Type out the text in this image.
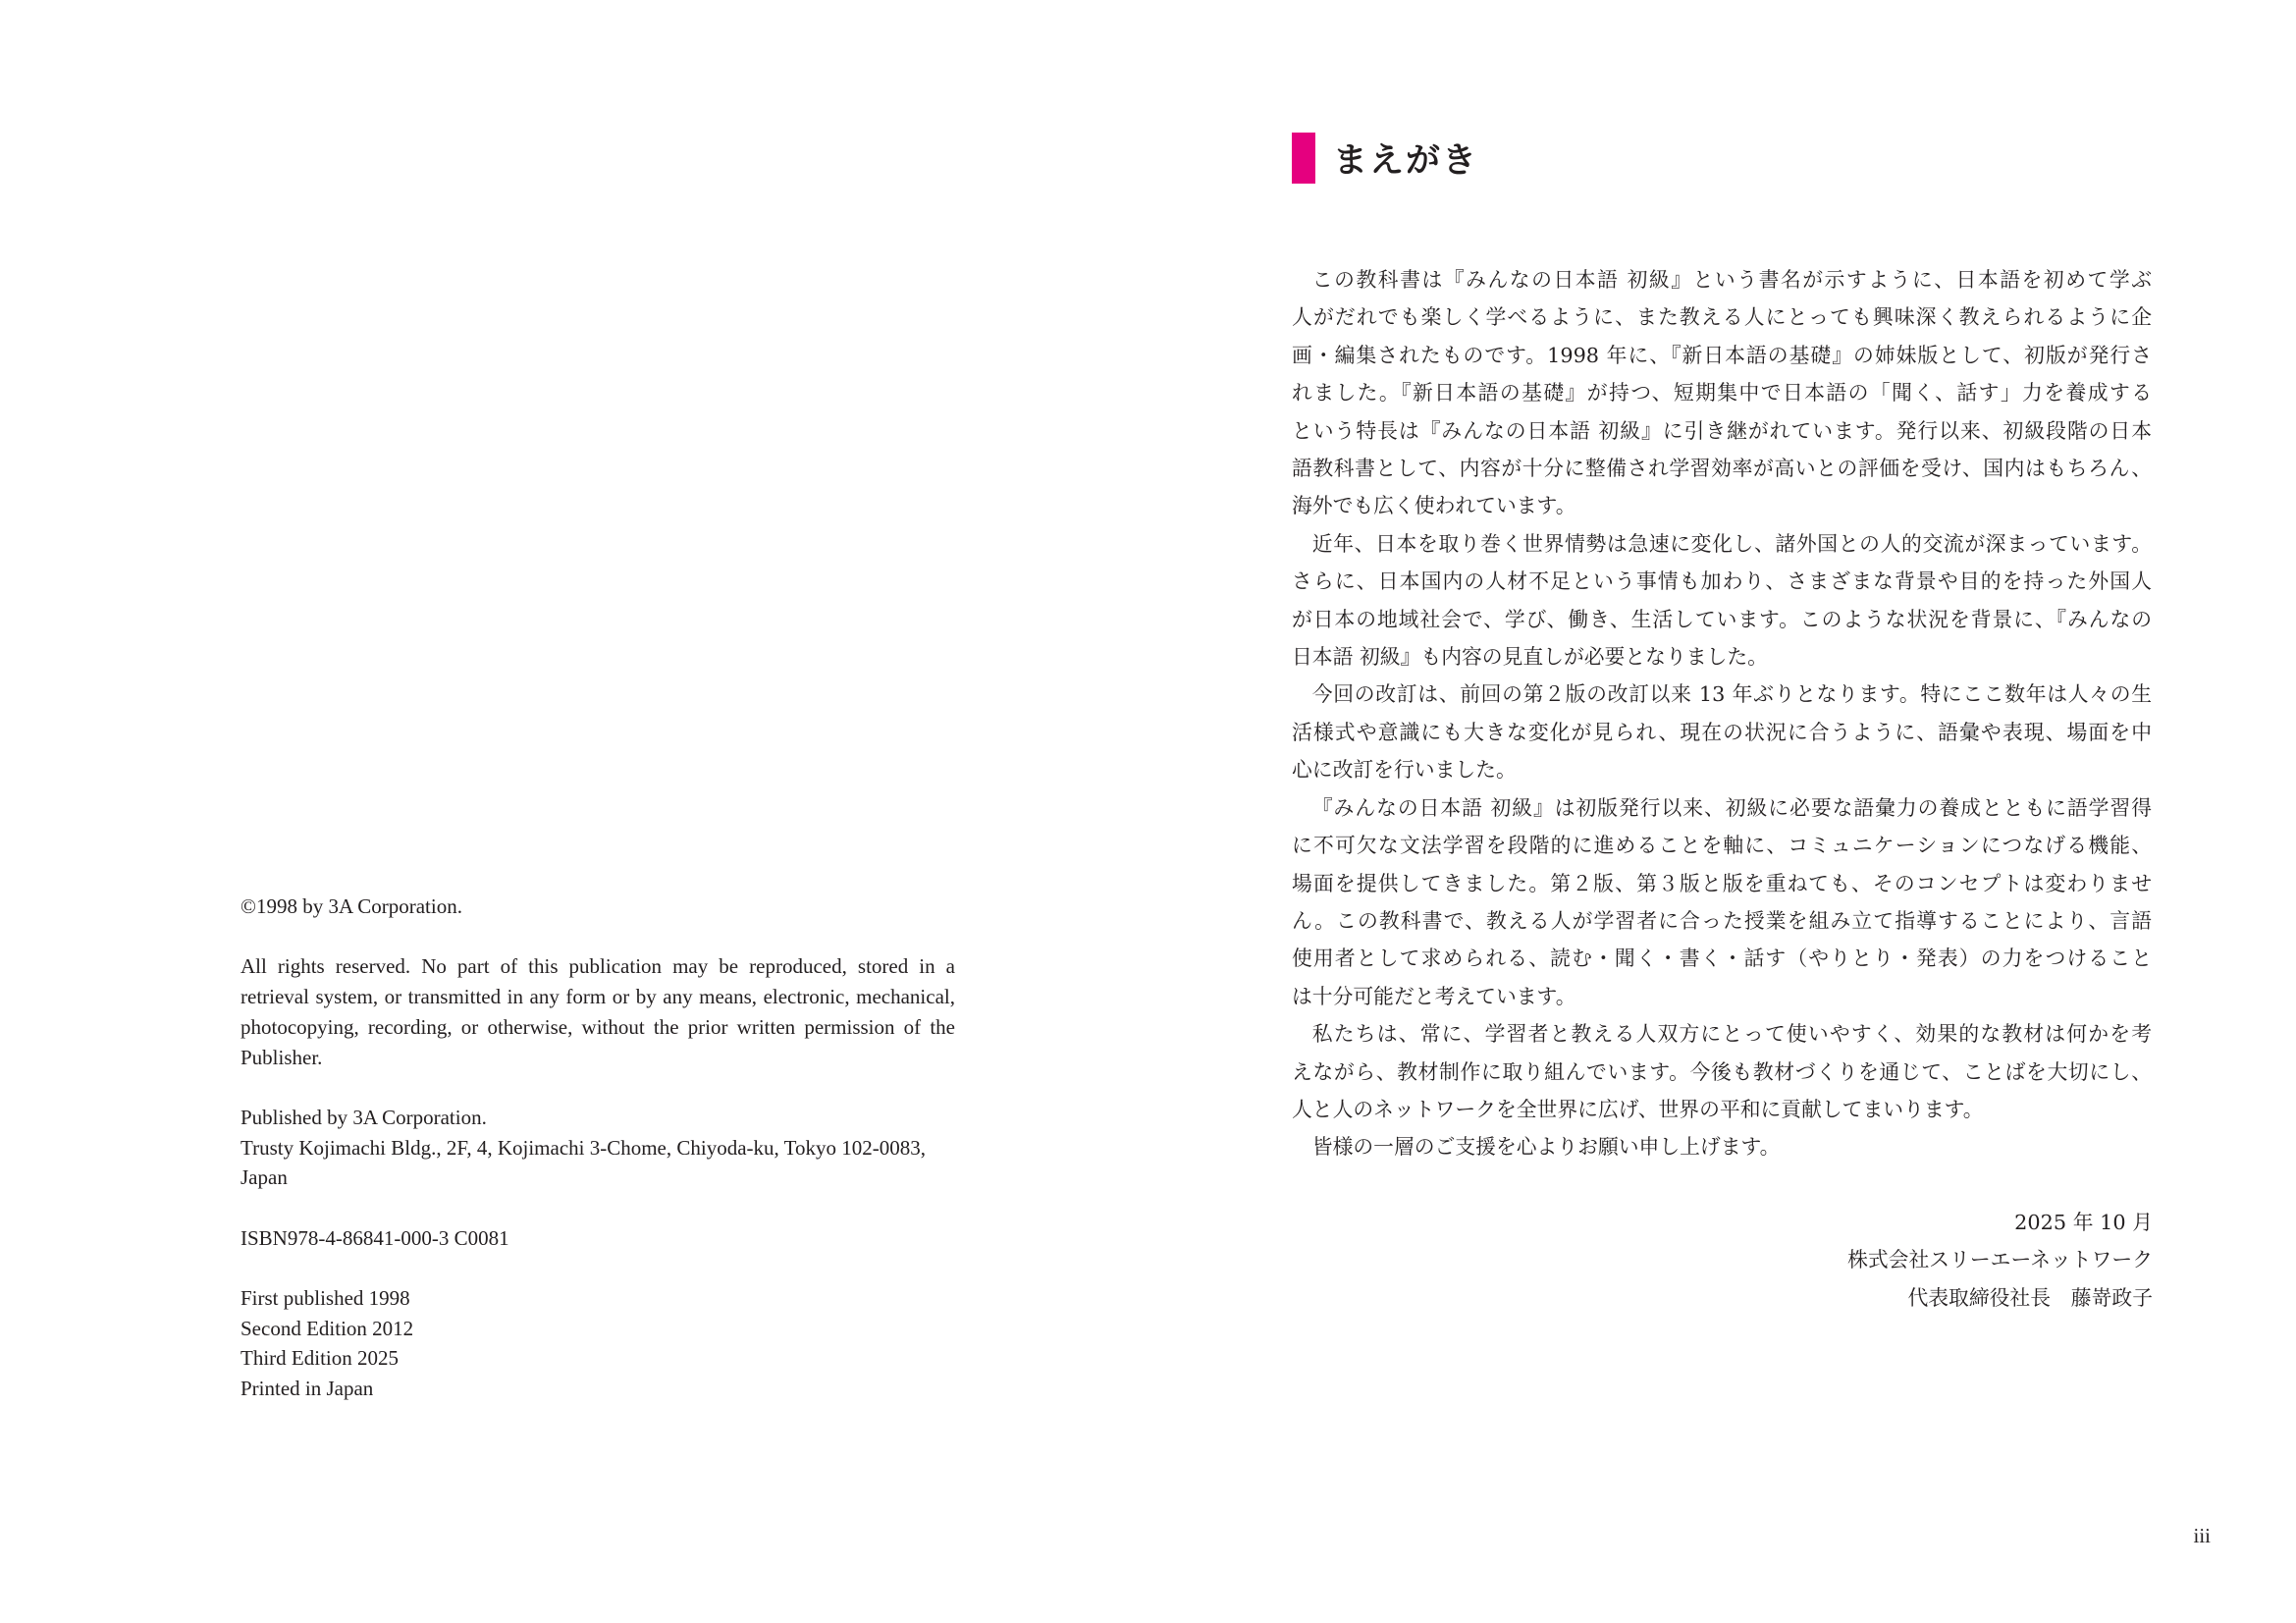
©1998 by 3A Corporation.
All rights reserved. No part of this publication may be reproduced, stored in a
retrieval system, or transmitted in any form or by any means, electronic, mechanical,
photocopying, recording, or otherwise, without the prior written permission of the
Publisher.
Published by 3A Corporation.
Trusty Kojimachi Bldg., 2F, 4, Kojimachi 3-Chome, Chiyoda-ku, Tokyo 102-0083,
Japan
ISBN978-4-86841-000-3 C0081
First published 1998
Second Edition 2012
Third Edition 2025
Printed in Japan
まえがき
この教科書は『みんなの日本語 初級』という書名が示すように、日本語を初めて学ぶ
人がだれでも楽しく学べるように、また教える人にとっても興味深く教えられるように企
画・編集されたものです。1998 年に、『新日本語の基礎』の姉妹版として、初版が発行さ
れました。『新日本語の基礎』が持つ、短期集中で日本語の「聞く、話す」力を養成する
という特長は『みんなの日本語 初級』に引き継がれています。発行以来、初級段階の日本
語教科書として、内容が十分に整備され学習効率が高いとの評価を受け、国内はもちろん、
海外でも広く使われています。
近年、日本を取り巻く世界情勢は急速に変化し、諸外国との人的交流が深まっています。
さらに、日本国内の人材不足という事情も加わり、さまざまな背景や目的を持った外国人
が日本の地域社会で、学び、働き、生活しています。このような状況を背景に、『みんなの
日本語 初級』も内容の見直しが必要となりました。
今回の改訂は、前回の第２版の改訂以来 13 年ぶりとなります。特にここ数年は人々の生
活様式や意識にも大きな変化が見られ、現在の状況に合うように、語彙や表現、場面を中
心に改訂を行いました。
『みんなの日本語 初級』は初版発行以来、初級に必要な語彙力の養成とともに語学習得
に不可欠な文法学習を段階的に進めることを軸に、コミュニケーションにつなげる機能、
場面を提供してきました。第２版、第３版と版を重ねても、そのコンセプトは変わりませ
ん。この教科書で、教える人が学習者に合った授業を組み立て指導することにより、言語
使用者として求められる、読む・聞く・書く・話す（やりとり・発表）の力をつけること
は十分可能だと考えています。
私たちは、常に、学習者と教える人双方にとって使いやすく、効果的な教材は何かを考
えながら、教材制作に取り組んでいます。今後も教材づくりを通じて、ことばを大切にし、
人と人のネットワークを全世界に広げ、世界の平和に貢献してまいります。
皆様の一層のご支援を心よりお願い申し上げます。
2025 年 10 月
株式会社スリーエーネットワーク
代表取締役社長　藤嵜政子
iii
